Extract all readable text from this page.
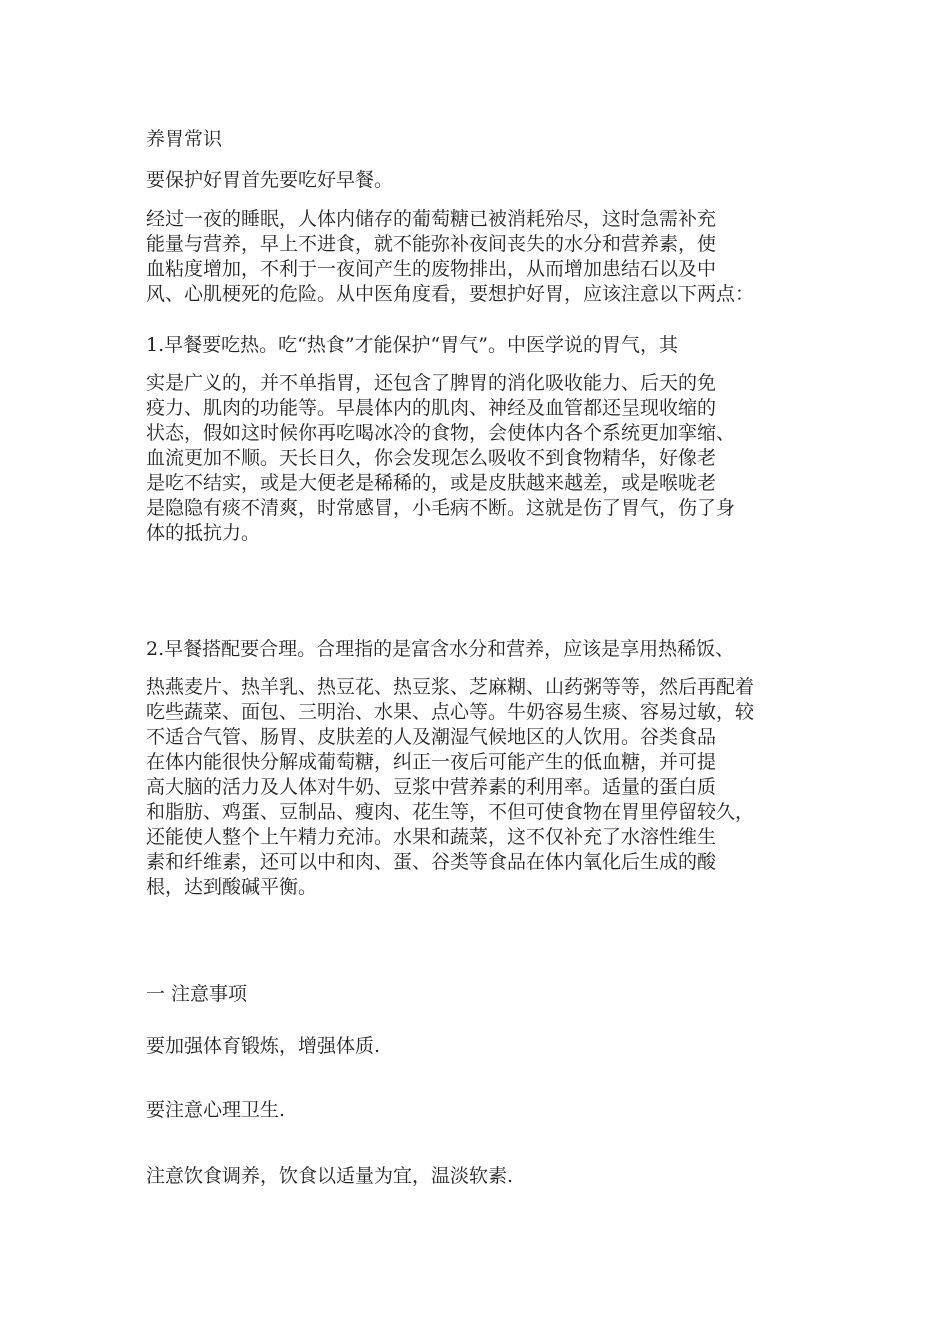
养胃常识
要保护好胃首先要吃好早餐。
经过一夜的睡眠，人体内储存的葡萄糖已被消耗殆尽，这时急需补充
能量与营养，早上不进食，就不能弥补夜间丧失的水分和营养素，使
血粘度增加，不利于一夜间产生的废物排出，从而增加患结石以及中
风、心肌梗死的危险。从中医角度看，要想护好胃，应该注意以下两点：
1.早餐要吃热。吃“热食”才能保护“胃气”。中医学说的胃气，其
实是广义的，并不单指胃，还包含了脾胃的消化吸收能力、后天的免
疫力、肌肉的功能等。早晨体内的肌肉、神经及血管都还呈现收缩的
状态，假如这时候你再吃喝冰冷的食物，会使体内各个系统更加挛缩、
血流更加不顺。天长日久，你会发现怎么吸收不到食物精华，好像老
是吃不结实，或是大便老是稀稀的，或是皮肤越来越差，或是喉咙老
是隐隐有痰不清爽，时常感冒，小毛病不断。这就是伤了胃气，伤了身
体的抵抗力。
2.早餐搭配要合理。合理指的是富含水分和营养，应该是享用热稀饭、
热燕麦片、热羊乳、热豆花、热豆浆、芝麻糊、山药粥等等，然后再配着
吃些蔬菜、面包、三明治、水果、点心等。牛奶容易生痰、容易过敏，较
不适合气管、肠胃、皮肤差的人及潮湿气候地区的人饮用。谷类食品
在体内能很快分解成葡萄糖，纠正一夜后可能产生的低血糖，并可提
高大脑的活力及人体对牛奶、豆浆中营养素的利用率。适量的蛋白质
和脂肪、鸡蛋、豆制品、瘦肉、花生等，不但可使食物在胃里停留较久，
还能使人整个上午精力充沛。水果和蔬菜，这不仅补充了水溶性维生
素和纤维素，还可以中和肉、蛋、谷类等食品在体内氧化后生成的酸
根，达到酸碱平衡。
一 注意事项
要加强体育锻炼，增强体质.
要注意心理卫生.
注意饮食调养，饮食以适量为宜，温淡软素.
